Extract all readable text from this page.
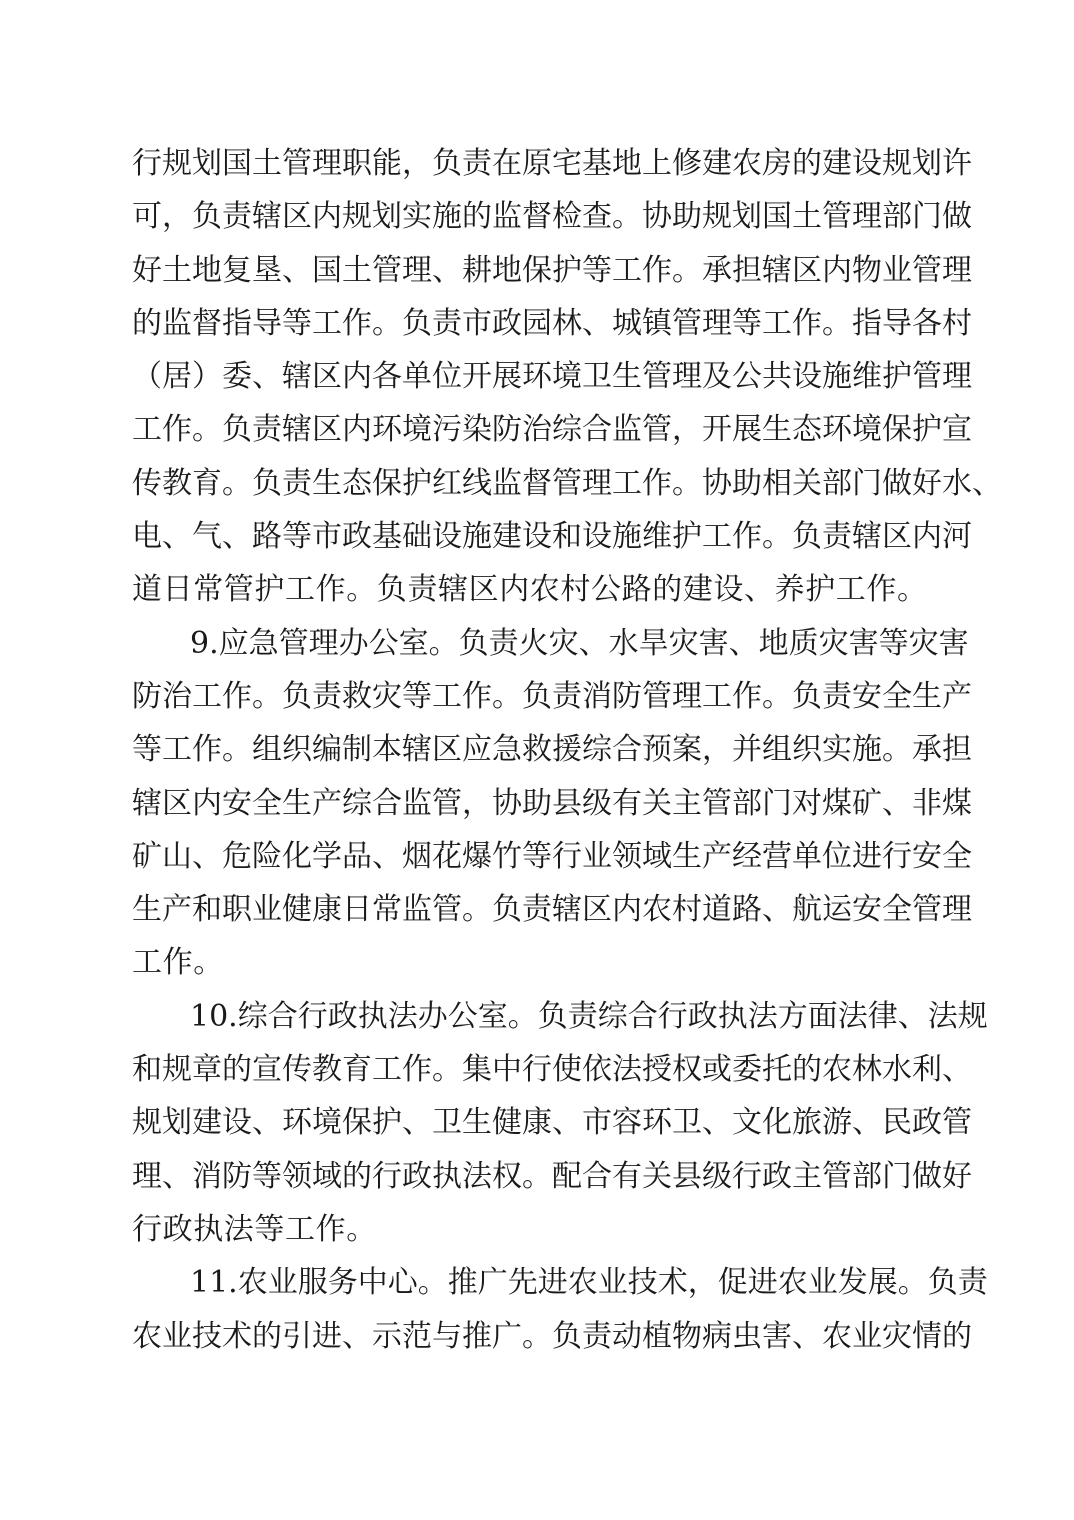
行规划国土管理职能，负责在原宅基地上修建农房的建设规划许
可，负责辖区内规划实施的监督检查。协助规划国土管理部门做
好土地复垦、国土管理、耕地保护等工作。承担辖区内物业管理
的监督指导等工作。负责市政园林、城镇管理等工作。指导各村
（居）委、辖区内各单位开展环境卫生管理及公共设施维护管理
工作。负责辖区内环境污染防治综合监管，开展生态环境保护宣
传教育。负责生态保护红线监督管理工作。协助相关部门做好水、
电、气、路等市政基础设施建设和设施维护工作。负责辖区内河
道日常管护工作。负责辖区内农村公路的建设、养护工作。
9.应急管理办公室。负责火灾、水旱灾害、地质灾害等灾害
防治工作。负责救灾等工作。负责消防管理工作。负责安全生产
等工作。组织编制本辖区应急救援综合预案，并组织实施。承担
辖区内安全生产综合监管，协助县级有关主管部门对煤矿、非煤
矿山、危险化学品、烟花爆竹等行业领域生产经营单位进行安全
生产和职业健康日常监管。负责辖区内农村道路、航运安全管理
工作。
10.综合行政执法办公室。负责综合行政执法方面法律、法规
和规章的宣传教育工作。集中行使依法授权或委托的农林水利、
规划建设、环境保护、卫生健康、市容环卫、文化旅游、民政管
理、消防等领域的行政执法权。配合有关县级行政主管部门做好
行政执法等工作。
11.农业服务中心。推广先进农业技术，促进农业发展。负责
农业技术的引进、示范与推广。负责动植物病虫害、农业灾情的
